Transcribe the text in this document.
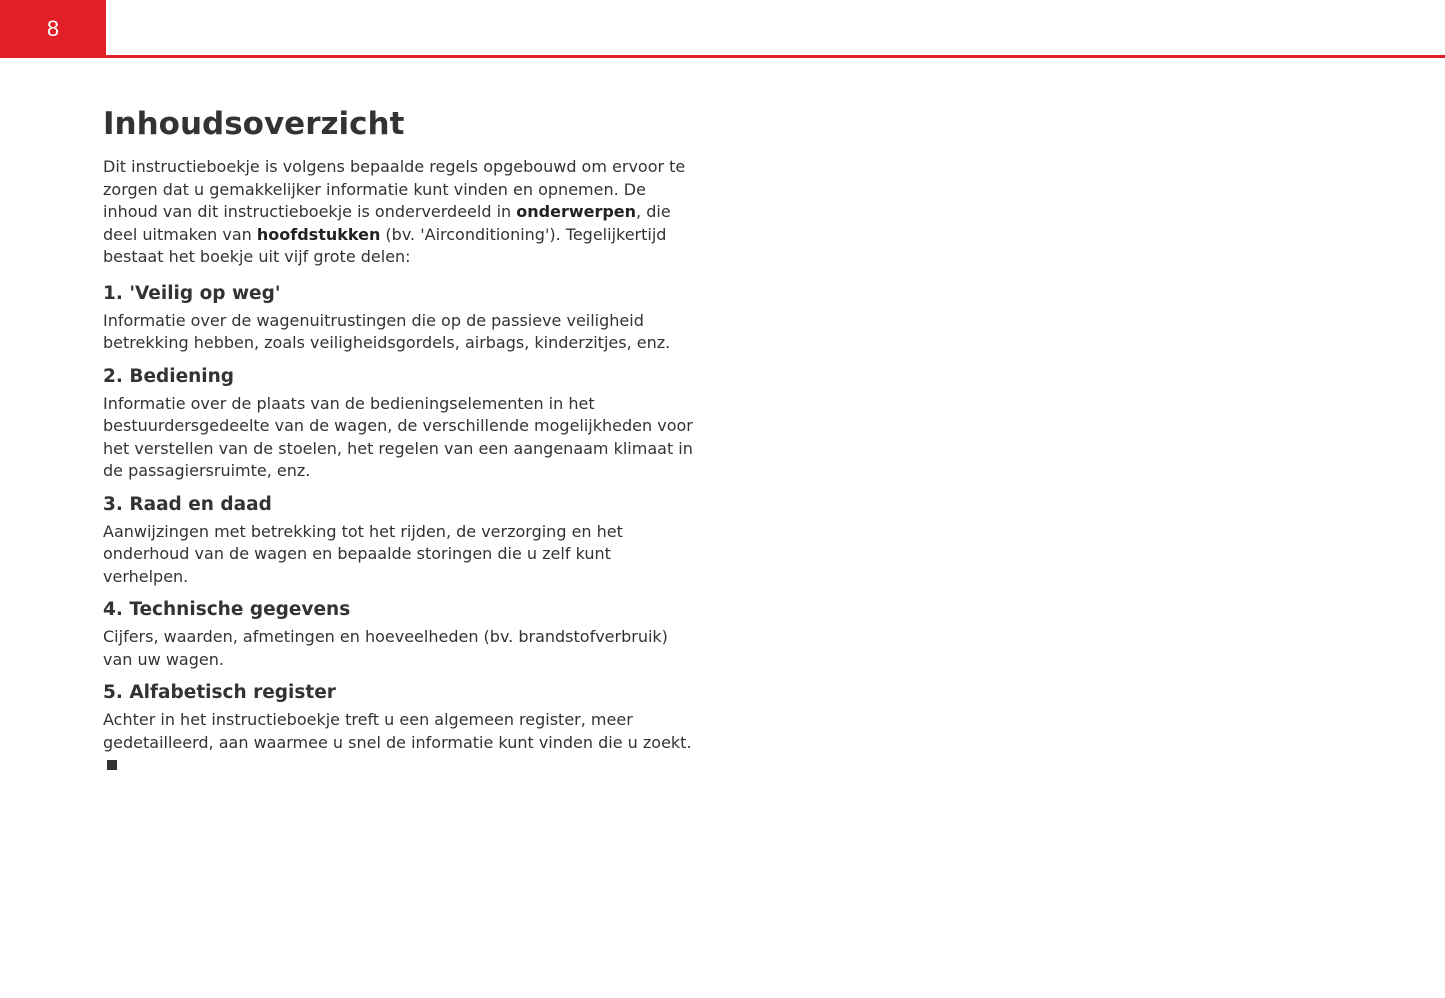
8
Inhoudsoverzicht

Dit instructieboekje is volgens bepaalde regels opgebouwd om ervoor te zorgen dat u gemakkelijker informatie kunt vinden en opnemen. De inhoud van dit instructieboekje is onderverdeeld in onderwerpen, die deel uitmaken van hoofdstukken (bv. 'Airconditioning'). Tegelijkertijd bestaat het boekje uit vijf grote delen:

1. 'Veilig op weg'

Informatie over de wagenuitrustingen die op de passieve veiligheid betrekking hebben, zoals veiligheidsgordels, airbags, kinderzitjes, enz.

2. Bediening

Informatie over de plaats van de bedieningselementen in het bestuurdersgedeelte van de wagen, de verschillende mogelijkheden voor het verstellen van de stoelen, het regelen van een aangenaam klimaat in de passagiersruimte, enz.

3. Raad en daad

Aanwijzingen met betrekking tot het rijden, de verzorging en het onderhoud van de wagen en bepaalde storingen die u zelf kunt verhelpen.

4. Technische gegevens

Cijfers, waarden, afmetingen en hoeveelheden (bv. brandstofverbruik) van uw wagen.

5. Alfabetisch register

Achter in het instructieboekje treft u een algemeen register, meer gedetailleerd, aan waarmee u snel de informatie kunt vinden die u zoekt.
